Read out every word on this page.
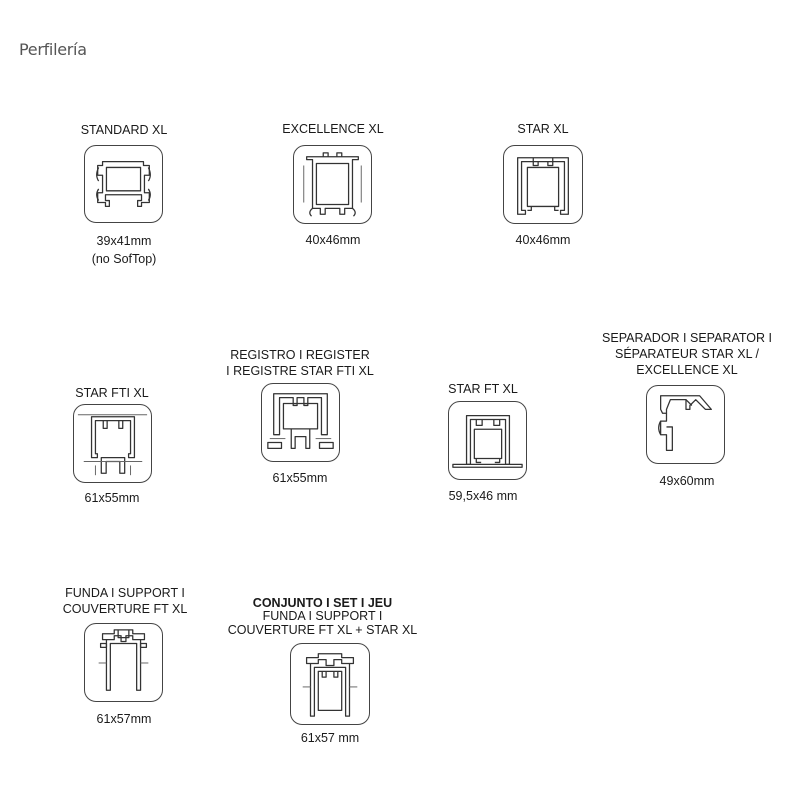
Perfilería
STANDARD XL
39x41mm
(no SofTop)
EXCELLENCE XL
40x46mm
STAR XL
40x46mm
STAR FTI XL
61x55mm
REGISTRO I REGISTER
I REGISTRE STAR FTI XL
61x55mm
STAR FT XL
59,5x46 mm
SEPARADOR I SEPARATOR I
SÉPARATEUR STAR XL /
EXCELLENCE XL
49x60mm
FUNDA I SUPPORT I
COUVERTURE FT XL
61x57mm
CONJUNTO I SET I JEU
FUNDA I SUPPORT I
COUVERTURE FT XL + STAR XL
61x57 mm
